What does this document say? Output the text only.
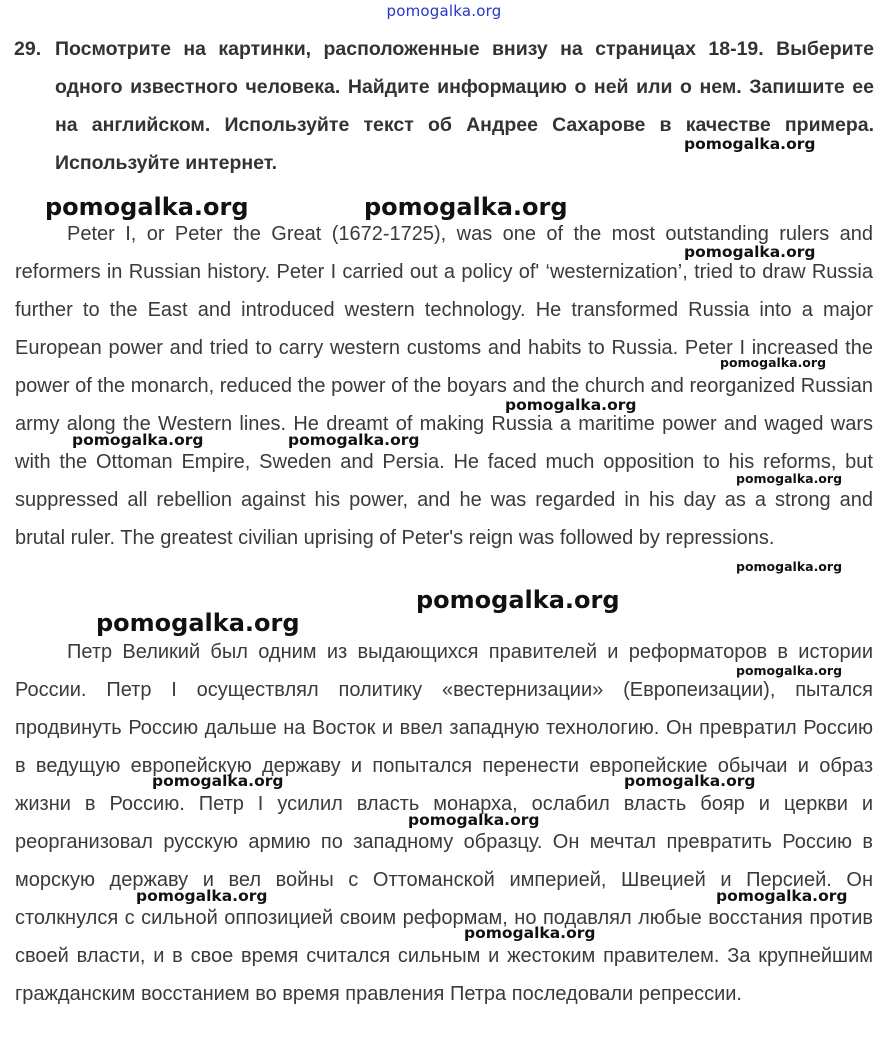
pomogalka.org
29. Посмотрите на картинки, расположенные внизу на страницах 18-19. Выберите одного известного человека. Найдите информацию о ней или о нем. Запишите ее на английском. Используйте текст об Андрее Сахарове в качестве примера. Используйте интернет.
Peter I, or Peter the Great (1672-1725), was one of the most outstanding rulers and reformers in Russian history. Peter I carried out a policy of' ‘westernization’, tried to draw Russia further to the East and introduced western technology. He transformed Russia into a major European power and tried to carry western customs and habits to Russia. Peter I increased the power of the monarch, reduced the power of the boyars and the church and reorganized Russian army along the Western lines. He dreamt of making Russia a maritime power and waged wars with the Ottoman Empire, Sweden and Persia. He faced much opposition to his reforms, but suppressed all rebellion against his power, and he was regarded in his day as a strong and brutal ruler. The greatest civilian uprising of Peter's reign was followed by repressions.
Петр Великий был одним из выдающихся правителей и реформаторов в истории России. Петр I осуществлял политику «вестернизации» (Европеизации), пытался продвинуть Россию дальше на Восток и ввел западную технологию. Он превратил Россию в ведущую европейскую державу и попытался перенести европейские обычаи и образ жизни в Россию. Петр I усилил власть монарха, ослабил власть бояр и церкви и реорганизовал русскую армию по западному образцу. Он мечтал превратить Россию в морскую державу и вел войны с Оттоманской империей, Швецией и Персией. Он столкнулся с сильной оппозицией своим реформам, но подавлял любые восстания против своей власти, и в свое время считался сильным и жестоким правителем. За крупнейшим гражданским восстанием во время правления Петра последовали репрессии.
pomogalka.org
pomogalka.org	pomogalka.org
pomogalka.org
pomogalka.org
pomogalka.org
pomogalka.org	pomogalka.org
pomogalka.org
pomogalka.org
pomogalka.org
pomogalka.org
pomogalka.org
pomogalka.org	pomogalka.org
pomogalka.org
pomogalka.org	pomogalka.org
pomogalka.org
